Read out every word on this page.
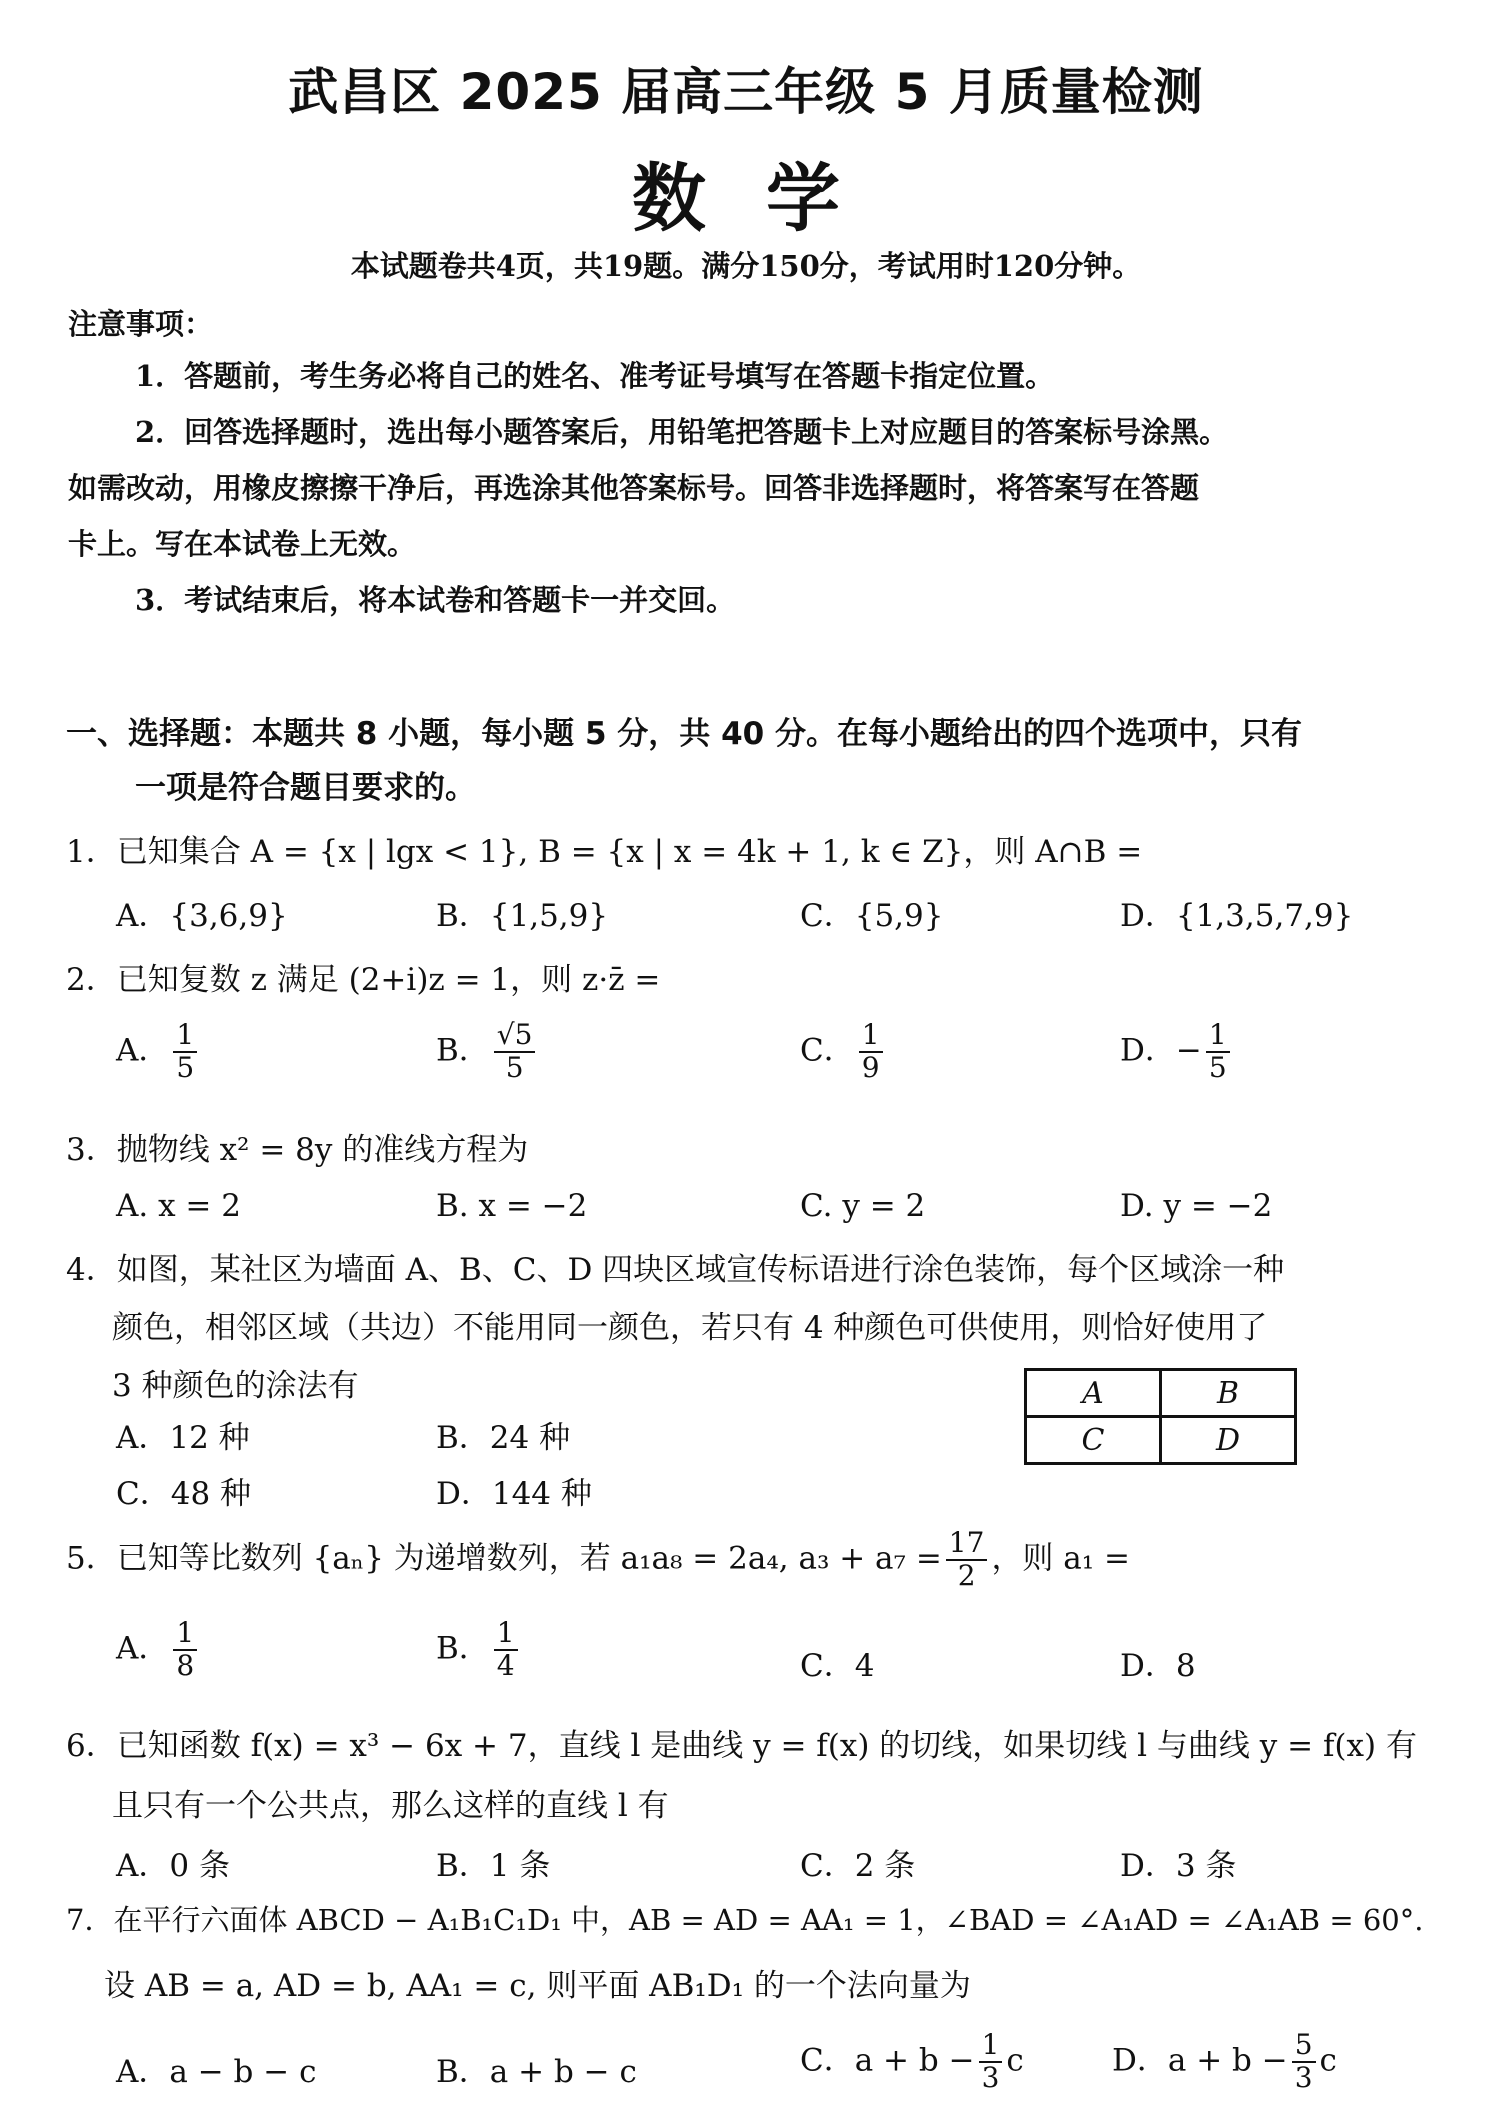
武昌区 2025 届高三年级 5 月质量检测
数学
本试题卷共4页，共19题。满分150分，考试用时120分钟。
注意事项：
1．答题前，考生务必将自己的姓名、准考证号填写在答题卡指定位置。
2．回答选择题时，选出每小题答案后，用铅笔把答题卡上对应题目的答案标号涂黑。
如需改动，用橡皮擦擦干净后，再选涂其他答案标号。回答非选择题时，将答案写在答题
卡上。写在本试卷上无效。
3．考试结束后，将本试卷和答题卡一并交回。
一、选择题：本题共 8 小题，每小题 5 分，共 40 分。在每小题给出的四个选项中，只有
一项是符合题目要求的。
1．已知集合 A = {x | lgx < 1}, B = {x | x = 4k + 1, k ∈ Z}，则 A∩B =
A．{3,6,9}	B．{1,5,9}	C．{5,9}	D．{1,3,5,7,9}
2．已知复数 z 满足 (2+i)z = 1，则 z·z̄ =
A． $\frac{1}{5}$	B． $\frac{√5}{5}$	C． $\frac{1}{9}$	D．− $\frac{1}{5}$
3．抛物线 x² = 8y 的准线方程为
A. x = 2	B. x = −2	C. y = 2	D. y = −2
4．如图，某社区为墙面 A、B、C、D 四块区域宣传标语进行涂色装饰，每个区域涂一种
颜色，相邻区域（共边）不能用同一颜色，若只有 4 种颜色可供使用，则恰好使用了
3 种颜色的涂法有
A．12 种	B．24 种
C．48 种	D．144 种
A	B
C	D
5．已知等比数列 {aₙ} 为递增数列，若 a₁a₈ = 2a₄, $a_3 + a_7 = \frac{17}{2}$ ，则 a₁ =
A． $\frac{1}{8}$	B． $\frac{1}{4}$	C．4	D．8
6．已知函数 f(x) = x³ − 6x + 7，直线 l 是曲线 y = f(x) 的切线，如果切线 l 与曲线 y = f(x) 有
且只有一个公共点，那么这样的直线 l 有
A．0 条	B．1 条	C．2 条	D．3 条
7．在平行六面体 ABCD − A₁B₁C₁D₁ 中，AB = AD = AA₁ = 1，∠BAD = ∠A₁AD = ∠A₁AB = 60°.
设 AB = a, AD = b, AA₁ = c, 则平面 AB₁D₁ 的一个法向量为
A．a − b − c	B．a + b − c	C．$a + b - \frac{1}{3}$ c	D．$a + b - \frac{5}{3}$ c
